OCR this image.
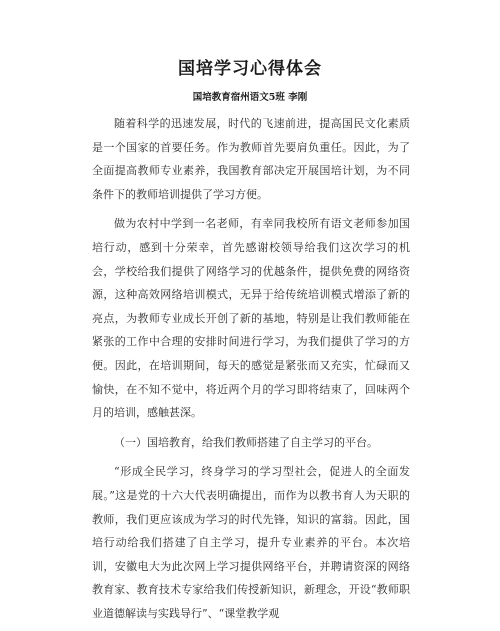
国培学习心得体会
国培教育宿州语文5班 李刚

随着科学的迅速发展，时代的飞速前进，提高国民文化素质是一个国家的首要任务。作为教师首先要肩负重任。因此，为了全面提高教师专业素养，我国教育部决定开展国培计划，为不同条件下的教师培训提供了学习方便。

做为农村中学到一名老师，有幸同我校所有语文老师参加国培行动，感到十分荣幸，首先感谢校领导给我们这次学习的机会，学校给我们提供了网络学习的优越条件，提供免费的网络资源，这种高效网络培训模式，无异于给传统培训模式增添了新的亮点，为教师专业成长开创了新的基地，特别是让我们教师能在紧张的工作中合理的安排时间进行学习，为我们提供了学习的方便。因此，在培训期间，每天的感觉是紧张而又充实，忙碌而又愉快，在不知不觉中，将近两个月的学习即将结束了，回味两个月的培训，感触甚深。

（一）国培教育，给我们教师搭建了自主学习的平台。

“形成全民学习，终身学习的学习型社会，促进人的全面发展。”这是党的十六大代表明确提出，而作为以教书育人为天职的教师，我们更应该成为学习的时代先锋，知识的富翁。因此，国培行动给我们搭建了自主学习，提升专业素养的平台。本次培训，安徽电大为此次网上学习提供网络平台，并聘请资深的网络教育家、教育技术专家给我们传授新知识，新理念，开设“教师职业道德解读与实践导行”、“课堂教学观
